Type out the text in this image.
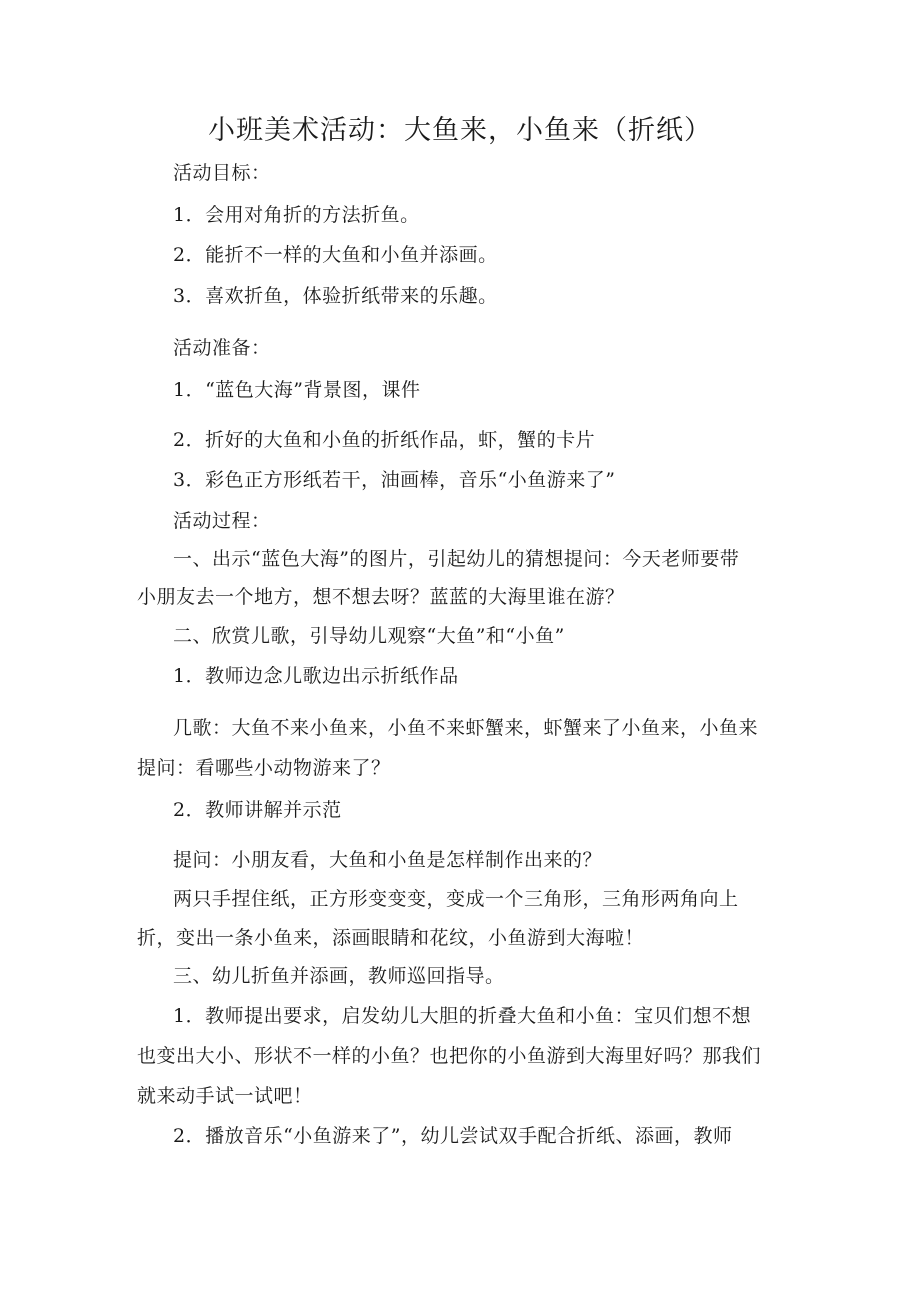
小班美术活动：大鱼来，小鱼来（折纸）
活动目标：
1．会用对角折的方法折鱼。
2．能折不一样的大鱼和小鱼并添画。
3．喜欢折鱼，体验折纸带来的乐趣。
活动准备：
1．“蓝色大海”背景图，课件
2．折好的大鱼和小鱼的折纸作品，虾，蟹的卡片
3．彩色正方形纸若干，油画棒，音乐“小鱼游来了”
活动过程：
一、出示“蓝色大海”的图片，引起幼儿的猜想提问：今天老师要带
小朋友去一个地方，想不想去呀？蓝蓝的大海里谁在游？
二、欣赏儿歌，引导幼儿观察“大鱼”和“小鱼”
1．教师边念儿歌边出示折纸作品
几歌：大鱼不来小鱼来，小鱼不来虾蟹来，虾蟹来了小鱼来，小鱼来
提问：看哪些小动物游来了？
2．教师讲解并示范
提问：小朋友看，大鱼和小鱼是怎样制作出来的？
两只手捏住纸，正方形变变变，变成一个三角形，三角形两角向上
折，变出一条小鱼来，添画眼睛和花纹，小鱼游到大海啦！
三、幼儿折鱼并添画，教师巡回指导。
1．教师提出要求，启发幼儿大胆的折叠大鱼和小鱼：宝贝们想不想
也变出大小、形状不一样的小鱼？也把你的小鱼游到大海里好吗？那我们
就来动手试一试吧！
2．播放音乐“小鱼游来了”，幼儿尝试双手配合折纸、添画，教师
